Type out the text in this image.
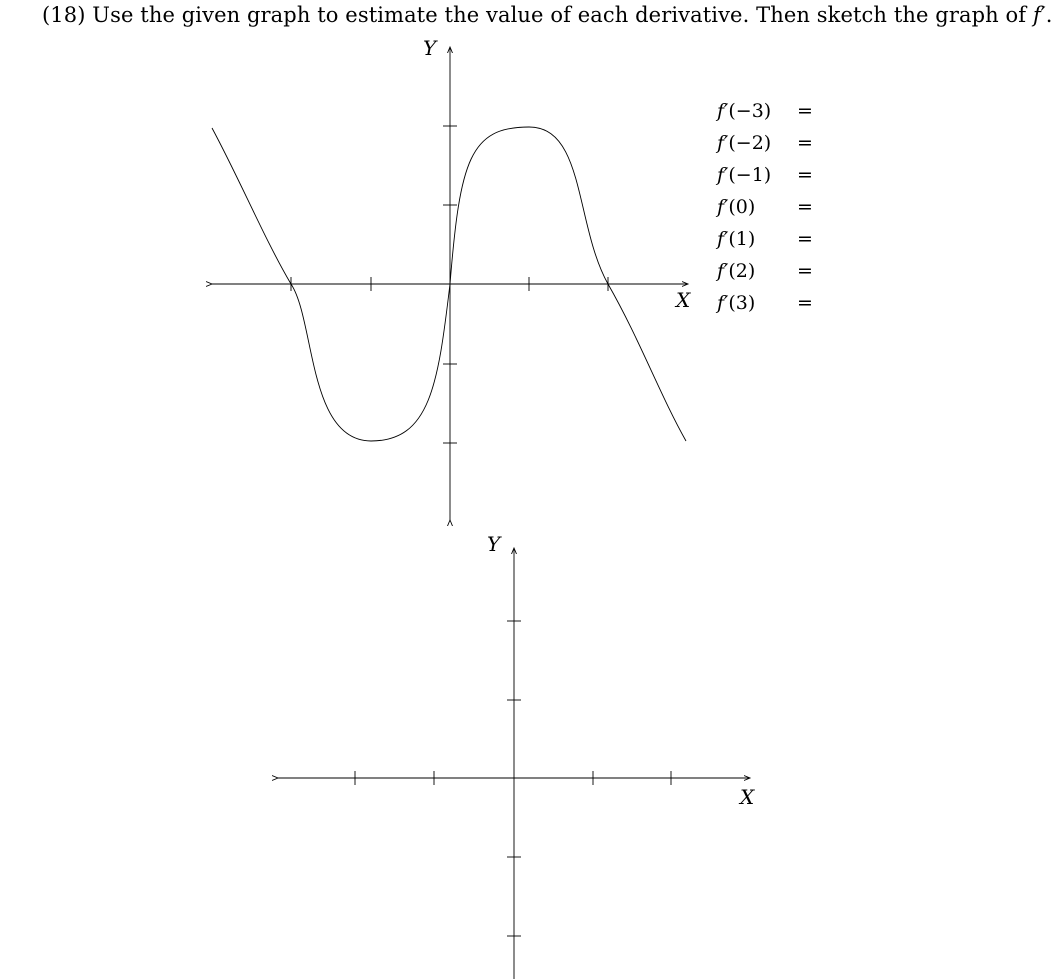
(18) Use the given graph to estimate the value of each derivative. Then sketch the graph of f′.
Y
X
Y
X
f′(−3) =
f′(−2) =
f′(−1) =
f′(0) =
f′(1) =
f′(2) =
f′(3) =
